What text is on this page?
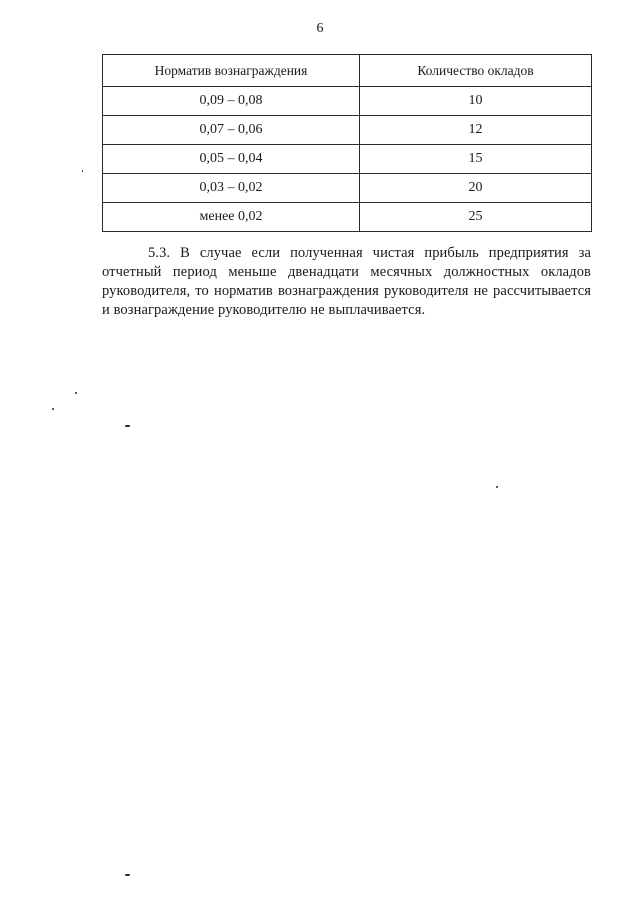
6
Норматив вознаграждения	Количество окладов
0,09 – 0,08	10
0,07 – 0,06	12
0,05 – 0,04	15
0,03 – 0,02	20
менее 0,02	25

5.3. В случае если полученная чистая прибыль предприятия за отчетный период меньше двенадцати месячных должностных окладов руководителя, то норматив вознаграждения руководителя не рассчитывается и вознаграждение руководителю не выплачивается.
